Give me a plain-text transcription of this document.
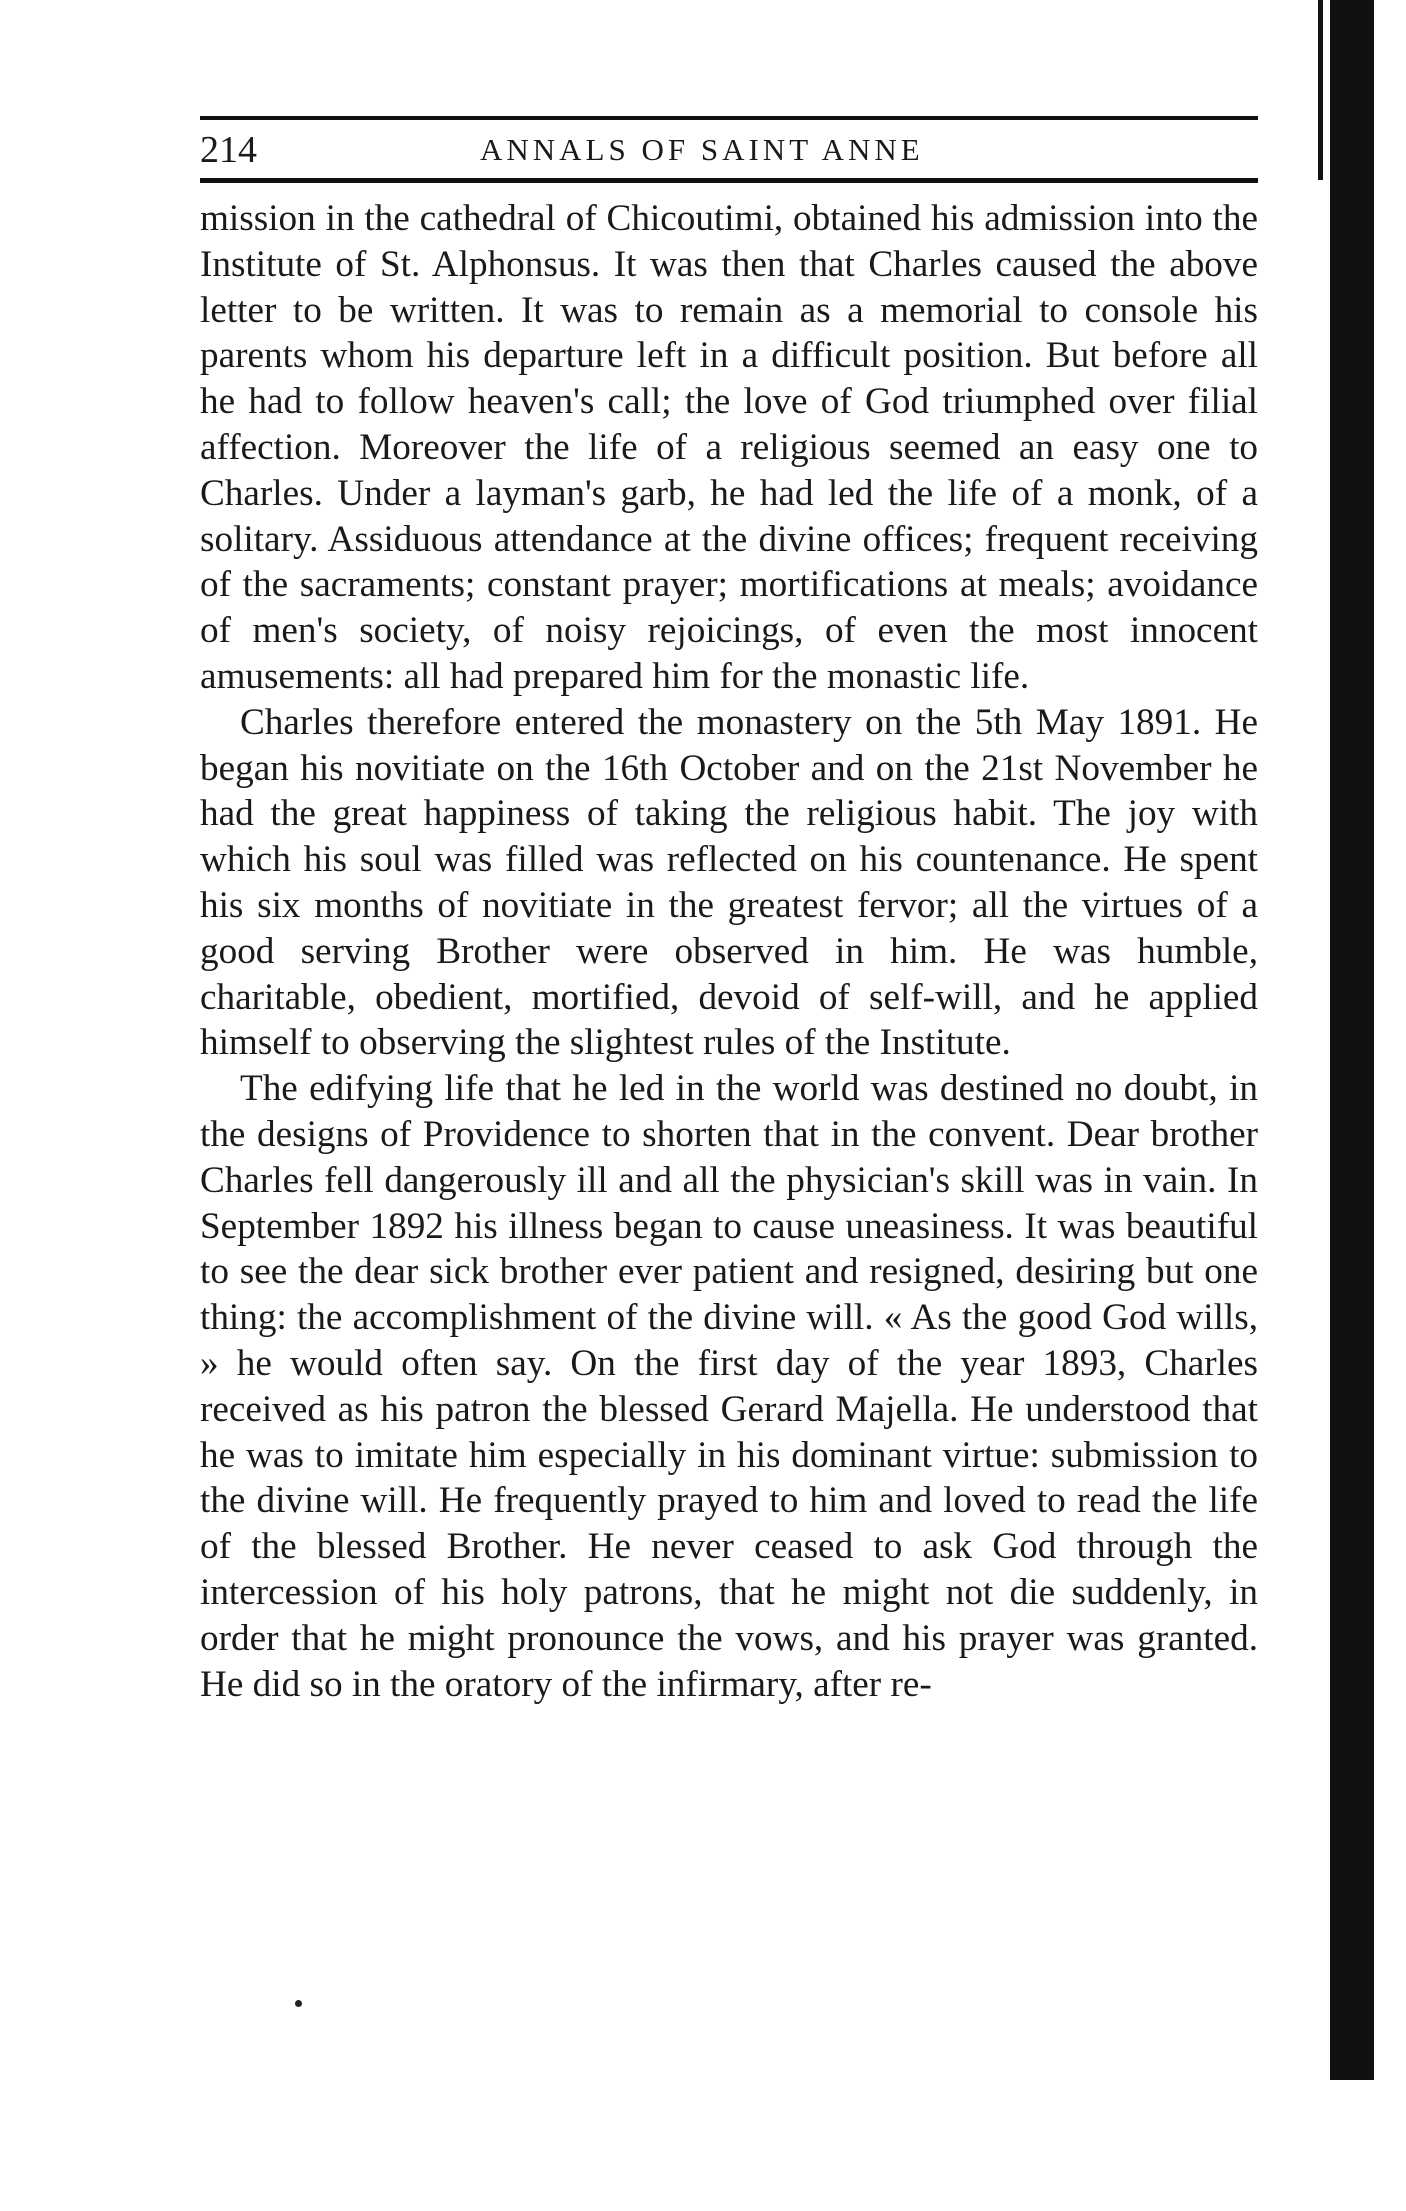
214	ANNALS OF SAINT ANNE

mission in the cathedral of Chicoutimi, obtained his admission into the Institute of St. Alphonsus. It was then that Charles caused the above letter to be written. It was to remain as a memorial to console his parents whom his departure left in a difficult position. But before all he had to follow heaven's call; the love of God triumphed over filial affection. Moreover the life of a religious seemed an easy one to Charles. Under a layman's garb, he had led the life of a monk, of a solitary. Assiduous attendance at the divine offices; frequent receiving of the sacraments; constant prayer; mortifications at meals; avoidance of men's society, of noisy rejoicings, of even the most innocent amusements: all had prepared him for the monastic life.

Charles therefore entered the monastery on the 5th May 1891. He began his novitiate on the 16th October and on the 21st November he had the great happiness of taking the religious habit. The joy with which his soul was filled was reflected on his countenance. He spent his six months of novitiate in the greatest fervor; all the virtues of a good serving Brother were observed in him. He was humble, charitable, obedient, mortified, devoid of self-will, and he applied himself to observing the slightest rules of the Institute.

The edifying life that he led in the world was destined no doubt, in the designs of Providence to shorten that in the convent. Dear brother Charles fell dangerously ill and all the physician's skill was in vain. In September 1892 his illness began to cause uneasiness. It was beautiful to see the dear sick brother ever patient and resigned, desiring but one thing: the accomplishment of the divine will. « As the good God wills, » he would often say. On the first day of the year 1893, Charles received as his patron the blessed Gerard Majella. He understood that he was to imitate him especially in his dominant virtue: submission to the divine will. He frequently prayed to him and loved to read the life of the blessed Brother. He never ceased to ask God through the intercession of his holy patrons, that he might not die suddenly, in order that he might pronounce the vows, and his prayer was granted. He did so in the oratory of the infirmary, after re-
